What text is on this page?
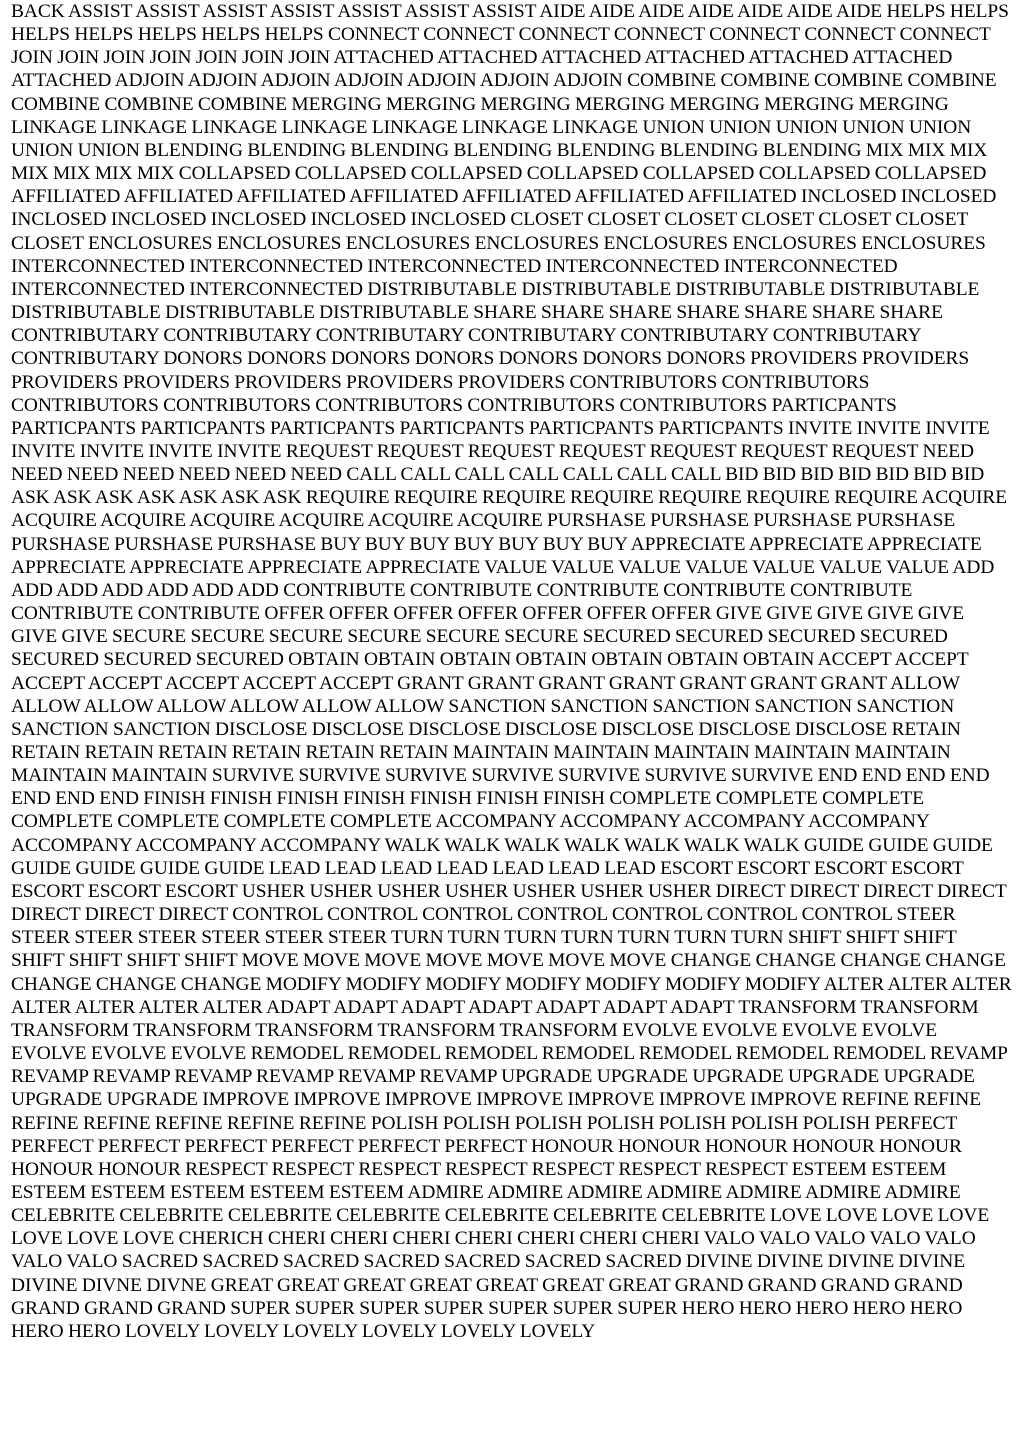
BACK ASSIST ASSIST ASSIST ASSIST ASSIST ASSIST ASSIST AIDE AIDE AIDE AIDE AIDE AIDE AIDE HELPS HELPS HELPS HELPS HELPS HELPS HELPS CONNECT CONNECT CONNECT CONNECT CONNECT CONNECT CONNECT JOIN JOIN JOIN JOIN JOIN JOIN JOIN ATTACHED ATTACHED ATTACHED ATTACHED ATTACHED ATTACHED ATTACHED ADJOIN ADJOIN ADJOIN ADJOIN ADJOIN ADJOIN ADJOIN COMBINE COMBINE COMBINE COMBINE COMBINE COMBINE COMBINE MERGING MERGING MERGING MERGING MERGING MERGING MERGING LINKAGE LINKAGE LINKAGE LINKAGE LINKAGE LINKAGE LINKAGE UNION UNION UNION UNION UNION UNION UNION BLENDING BLENDING BLENDING BLENDING BLENDING BLENDING BLENDING MIX MIX MIX MIX MIX MIX MIX COLLAPSED COLLAPSED COLLAPSED COLLAPSED COLLAPSED COLLAPSED COLLAPSED AFFILIATED AFFILIATED AFFILIATED AFFILIATED AFFILIATED AFFILIATED AFFILIATED INCLOSED INCLOSED INCLOSED INCLOSED INCLOSED INCLOSED INCLOSED CLOSET CLOSET CLOSET CLOSET CLOSET CLOSET CLOSET ENCLOSURES ENCLOSURES ENCLOSURES ENCLOSURES ENCLOSURES ENCLOSURES ENCLOSURES INTERCONNECTED INTERCONNECTED INTERCONNECTED INTERCONNECTED INTERCONNECTED INTERCONNECTED INTERCONNECTED DISTRIBUTABLE DISTRIBUTABLE DISTRIBUTABLE DISTRIBUTABLE DISTRIBUTABLE DISTRIBUTABLE DISTRIBUTABLE SHARE SHARE SHARE SHARE SHARE SHARE SHARE CONTRIBUTARY CONTRIBUTARY CONTRIBUTARY CONTRIBUTARY CONTRIBUTARY CONTRIBUTARY CONTRIBUTARY DONORS DONORS DONORS DONORS DONORS DONORS DONORS PROVIDERS PROVIDERS PROVIDERS PROVIDERS PROVIDERS PROVIDERS PROVIDERS CONTRIBUTORS CONTRIBUTORS CONTRIBUTORS CONTRIBUTORS CONTRIBUTORS CONTRIBUTORS CONTRIBUTORS PARTICPANTS PARTICPANTS PARTICPANTS PARTICPANTS PARTICPANTS PARTICPANTS PARTICPANTS INVITE INVITE INVITE INVITE INVITE INVITE INVITE REQUEST REQUEST REQUEST REQUEST REQUEST REQUEST REQUEST NEED NEED NEED NEED NEED NEED NEED CALL CALL CALL CALL CALL CALL CALL BID BID BID BID BID BID BID ASK ASK ASK ASK ASK ASK ASK REQUIRE REQUIRE REQUIRE REQUIRE REQUIRE REQUIRE REQUIRE ACQUIRE ACQUIRE ACQUIRE ACQUIRE ACQUIRE ACQUIRE ACQUIRE PURSHASE PURSHASE PURSHASE PURSHASE PURSHASE PURSHASE PURSHASE BUY BUY BUY BUY BUY BUY BUY APPRECIATE APPRECIATE APPRECIATE APPRECIATE APPRECIATE APPRECIATE APPRECIATE VALUE VALUE VALUE VALUE VALUE VALUE VALUE ADD ADD ADD ADD ADD ADD ADD CONTRIBUTE CONTRIBUTE CONTRIBUTE CONTRIBUTE CONTRIBUTE CONTRIBUTE CONTRIBUTE OFFER OFFER OFFER OFFER OFFER OFFER OFFER GIVE GIVE GIVE GIVE GIVE GIVE GIVE SECURE SECURE SECURE SECURE SECURE SECURE SECURED SECURED SECURED SECURED SECURED SECURED SECURED OBTAIN OBTAIN OBTAIN OBTAIN OBTAIN OBTAIN OBTAIN ACCEPT ACCEPT ACCEPT ACCEPT ACCEPT ACCEPT ACCEPT GRANT GRANT GRANT GRANT GRANT GRANT GRANT ALLOW ALLOW ALLOW ALLOW ALLOW ALLOW ALLOW SANCTION SANCTION SANCTION SANCTION SANCTION SANCTION SANCTION DISCLOSE DISCLOSE DISCLOSE DISCLOSE DISCLOSE DISCLOSE DISCLOSE RETAIN RETAIN RETAIN RETAIN RETAIN RETAIN RETAIN MAINTAIN MAINTAIN MAINTAIN MAINTAIN MAINTAIN MAINTAIN MAINTAIN SURVIVE SURVIVE SURVIVE SURVIVE SURVIVE SURVIVE SURVIVE END END END END END END END FINISH FINISH FINISH FINISH FINISH FINISH FINISH COMPLETE COMPLETE COMPLETE COMPLETE COMPLETE COMPLETE COMPLETE ACCOMPANY ACCOMPANY ACCOMPANY ACCOMPANY ACCOMPANY ACCOMPANY ACCOMPANY WALK WALK WALK WALK WALK WALK WALK GUIDE GUIDE GUIDE GUIDE GUIDE GUIDE GUIDE LEAD LEAD LEAD LEAD LEAD LEAD LEAD ESCORT ESCORT ESCORT ESCORT ESCORT ESCORT ESCORT USHER USHER USHER USHER USHER USHER USHER DIRECT DIRECT DIRECT DIRECT DIRECT DIRECT DIRECT CONTROL CONTROL CONTROL CONTROL CONTROL CONTROL CONTROL STEER STEER STEER STEER STEER STEER STEER TURN TURN TURN TURN TURN TURN TURN SHIFT SHIFT SHIFT SHIFT SHIFT SHIFT SHIFT MOVE MOVE MOVE MOVE MOVE MOVE MOVE CHANGE CHANGE CHANGE CHANGE CHANGE CHANGE CHANGE MODIFY MODIFY MODIFY MODIFY MODIFY MODIFY MODIFY ALTER ALTER ALTER ALTER ALTER ALTER ALTER ADAPT ADAPT ADAPT ADAPT ADAPT ADAPT ADAPT TRANSFORM TRANSFORM TRANSFORM TRANSFORM TRANSFORM TRANSFORM TRANSFORM EVOLVE EVOLVE EVOLVE EVOLVE EVOLVE EVOLVE EVOLVE REMODEL REMODEL REMODEL REMODEL REMODEL REMODEL REMODEL REVAMP REVAMP REVAMP REVAMP REVAMP REVAMP REVAMP UPGRADE UPGRADE UPGRADE UPGRADE UPGRADE UPGRADE UPGRADE IMPROVE IMPROVE IMPROVE IMPROVE IMPROVE IMPROVE IMPROVE REFINE REFINE REFINE REFINE REFINE REFINE REFINE POLISH POLISH POLISH POLISH POLISH POLISH POLISH PERFECT PERFECT PERFECT PERFECT PERFECT PERFECT PERFECT HONOUR HONOUR HONOUR HONOUR HONOUR HONOUR HONOUR RESPECT RESPECT RESPECT RESPECT RESPECT RESPECT RESPECT ESTEEM ESTEEM ESTEEM ESTEEM ESTEEM ESTEEM ESTEEM ADMIRE ADMIRE ADMIRE ADMIRE ADMIRE ADMIRE ADMIRE CELEBRITE CELEBRITE CELEBRITE CELEBRITE CELEBRITE CELEBRITE CELEBRITE LOVE LOVE LOVE LOVE LOVE LOVE LOVE CHERICH CHERI CHERI CHERI CHERI CHERI CHERI CHERI VALO VALO VALO VALO VALO VALO VALO SACRED SACRED SACRED SACRED SACRED SACRED SACRED DIVINE DIVINE DIVINE DIVINE DIVINE DIVNE DIVNE GREAT GREAT GREAT GREAT GREAT GREAT GREAT GRAND GRAND GRAND GRAND GRAND GRAND GRAND SUPER SUPER SUPER SUPER SUPER SUPER SUPER HERO HERO HERO HERO HERO HERO HERO LOVELY LOVELY LOVELY LOVELY LOVELY LOVELY
